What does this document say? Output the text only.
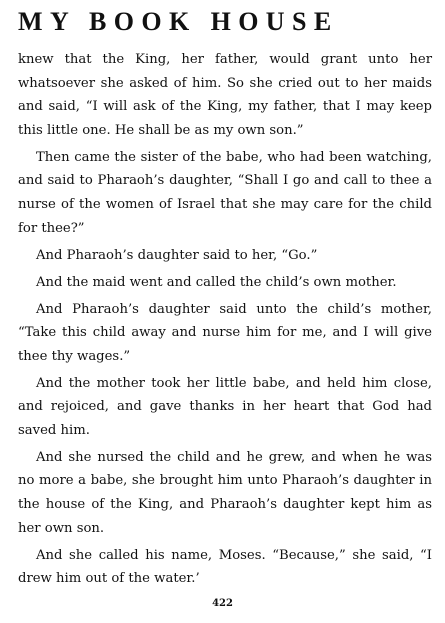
MY BOOK HOUSE

knew that the King, her father, would grant unto her whatsoever she asked of him. So she cried out to her maids and said, “I will ask of the King, my father, that I may keep this little one. He shall be as my own son.”

Then came the sister of the babe, who had been watching, and said to Pharaoh’s daughter, “Shall I go and call to thee a nurse of the women of Israel that she may care for the child for thee?”

And Pharaoh’s daughter said to her, “Go.”

And the maid went and called the child’s own mother.

And Pharaoh’s daughter said unto the child’s mother, “Take this child away and nurse him for me, and I will give thee thy wages.”

And the mother took her little babe, and held him close, and rejoiced, and gave thanks in her heart that God had saved him.

And she nursed the child and he grew, and when he was no more a babe, she brought him unto Pharaoh’s daughter in the house of the King, and Pharaoh’s daughter kept him as her own son.

And she called his name, Moses. “Because,” she said, “I drew him out of the water.’

422
